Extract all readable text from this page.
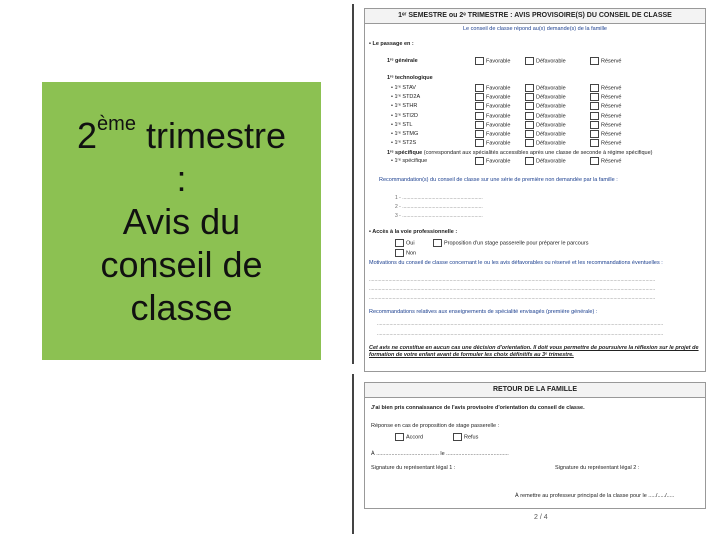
2ème trimestre
:
Avis du
conseil de
classe
1ᵉʳ SEMESTRE ou 2ᵉ TRIMESTRE : AVIS PROVISOIRE(S) DU CONSEIL DE CLASSE
Le conseil de classe répond au(x) demande(s) de la famille
• Le passage en :
1ʳᵉ générale	Favorable	Défavorable	Réservé
1ʳᵉ technologique
• 1ʳᵉ STAV	Favorable	Défavorable	Réservé
• 1ʳᵉ STD2A	Favorable	Défavorable	Réservé
• 1ʳᵉ STHR	Favorable	Défavorable	Réservé
• 1ʳᵉ STI2D	Favorable	Défavorable	Réservé
• 1ʳᵉ STL	Favorable	Défavorable	Réservé
• 1ʳᵉ STMG	Favorable	Défavorable	Réservé
• 1ʳᵉ ST2S	Favorable	Défavorable	Réservé
1ʳᵉ spécifique (correspondant aux spécialités accessibles après une classe de seconde à régime spécifique)
• 1ʳᵉ spécifique	Favorable	Défavorable	Réservé
Recommandation(s) du conseil de classe sur une série de première non demandée par la famille :
1 - ..........................................................
2 - ..........................................................
3 - ..........................................................
• Accès à la voie professionnelle :
Oui	Proposition d'un stage passerelle pour préparer le parcours
Non
Motivations du conseil de classe concernant le ou les avis défavorables ou réservé et les recommandations éventuelles :
..............................................................................................................................................................................................................
..............................................................................................................................................................................................................
..............................................................................................................................................................................................................
Recommandations relatives aux enseignements de spécialité envisagés (première générale) :
..............................................................................................................................................................................................................
..............................................................................................................................................................................................................
Cet avis ne constitue en aucun cas une décision d'orientation. Il doit vous permettre de poursuivre la réflexion sur le projet de formation de votre enfant avant de formuler les choix définitifs au 3ᵉ trimestre.
RETOUR DE LA FAMILLE
J'ai bien pris connaissance de l'avis provisoire d'orientation du conseil de classe.
Réponse en cas de proposition de stage passerelle :
Accord	Refus
À ......................................... le .........................................
Signature du représentant légal 1 :	Signature du représentant légal 2 :
À remettre au professeur principal de la classe pour le ...../...../.....
2 / 4
